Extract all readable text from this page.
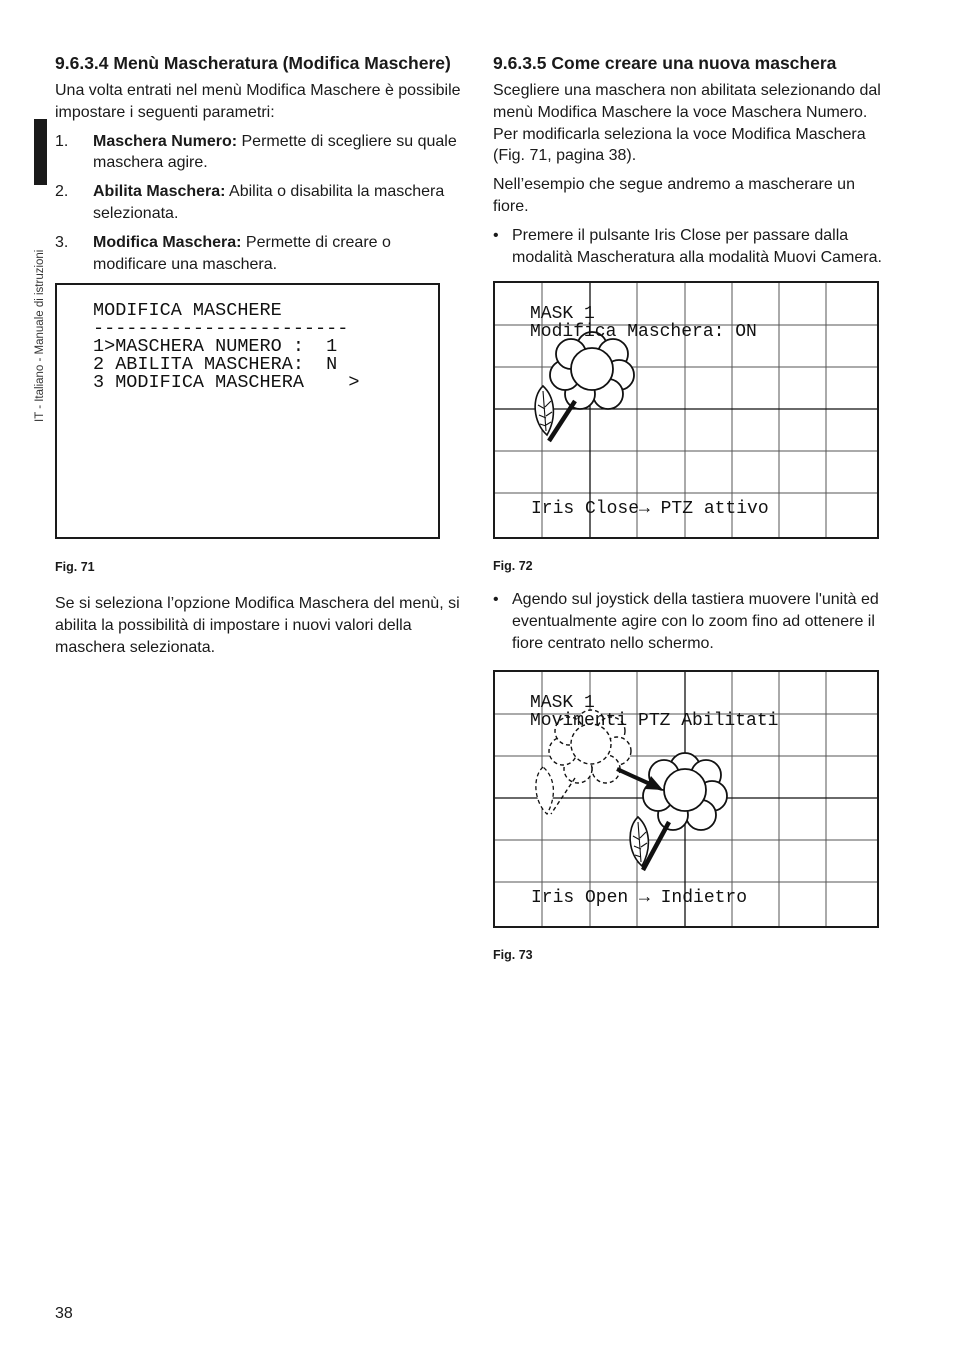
IT - Italiano - Manuale di istruzioni
9.6.3.4 Menù Mascheratura (Modifica Maschere)

Una volta entrati nel menù Modifica Maschere è possibile impostare i seguenti parametri:

1. Maschera Numero: Permette di scegliere su quale maschera agire.
2. Abilita Maschera: Abilita o disabilita la maschera selezionata.
3. Modifica Maschera: Permette di creare o modificare una maschera.
MODIFICA MASCHERE
-----------------------
1>MASCHERA NUMERO :  1
2 ABILITA MASCHERA:  N
3 MODIFICA MASCHERA    >
Fig. 71

Se si seleziona l’opzione Modifica Maschera del menù, si abilita la possibilità di impostare i nuovi valori della maschera selezionata.

9.6.3.5 Come creare una nuova maschera

Scegliere una maschera non abilitata selezionando dal menù Modifica Maschere la voce Maschera Numero. Per modificarla seleziona la voce Modifica Maschera (Fig. 71, pagina 38).

Nell’esempio che segue andremo a mascherare un fiore.

• Premere il pulsante Iris Close per passare dalla modalità Mascheratura alla modalità Muovi Camera.
MASK 1
Modifica Maschera: ON
Iris Close→ PTZ attivo
Fig. 72
• Agendo sul joystick della tastiera muovere l'unità ed eventualmente agire con lo zoom fino ad ottenere il fiore centrato nello schermo.
MASK 1
Movimenti PTZ Abilitati
Iris Open → Indietro
Fig. 73
38
